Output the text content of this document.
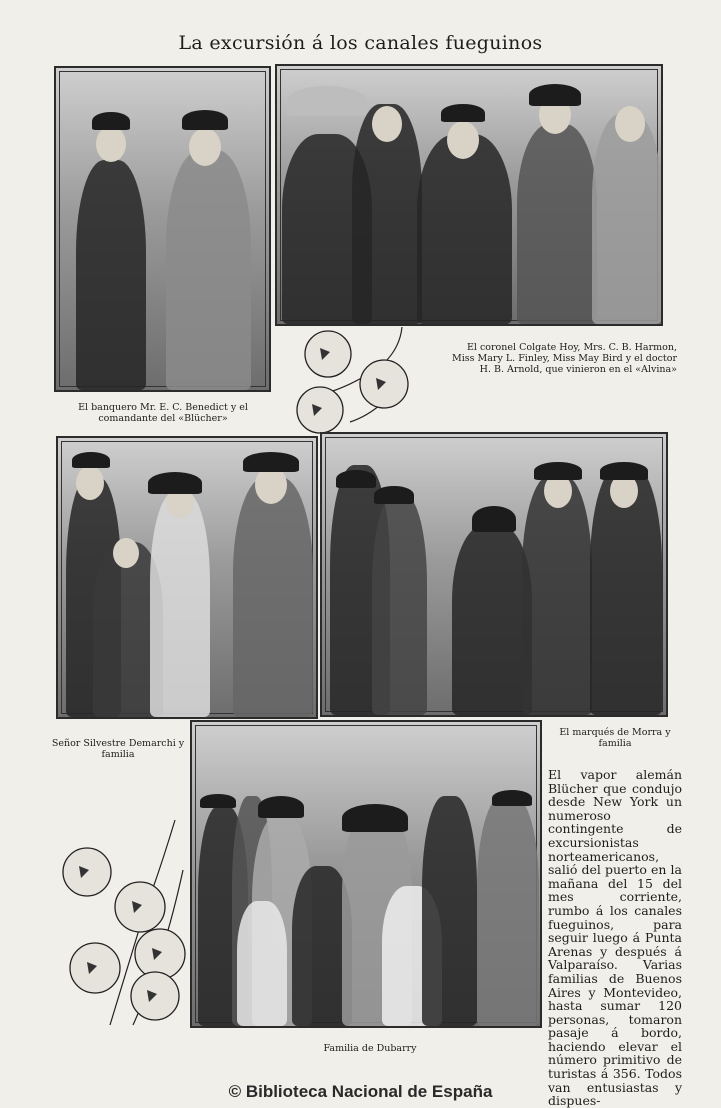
La excursión á los canales fueguinos
El banquero Mr. E. C. Benedict y el comandante del «Blücher»
El coronel Colgate Hoy, Mrs. C. B. Harmon, Miss Mary L. Finley, Miss May Bird y el doctor H. B. Arnold, que vinieron en el «Alvina»
Señor Silvestre Demarchi y familia
El marqués de Morra y familia
Familia de Dubarry
El vapor alemán Blücher que condujo desde New York un numeroso contingente de excursionistas norteamericanos, salió del puerto en la mañana del 15 del mes corriente, rumbo á los canales fueguinos, para seguir luego á Punta Arenas y después á Valparaíso. Varias familias de Buenos Aires y Montevideo, hasta sumar 120 personas, tomaron pasaje á bordo, haciendo elevar el número primitivo de turistas á 356. Todos van entusiastas y dispues-
© Biblioteca Nacional de España
